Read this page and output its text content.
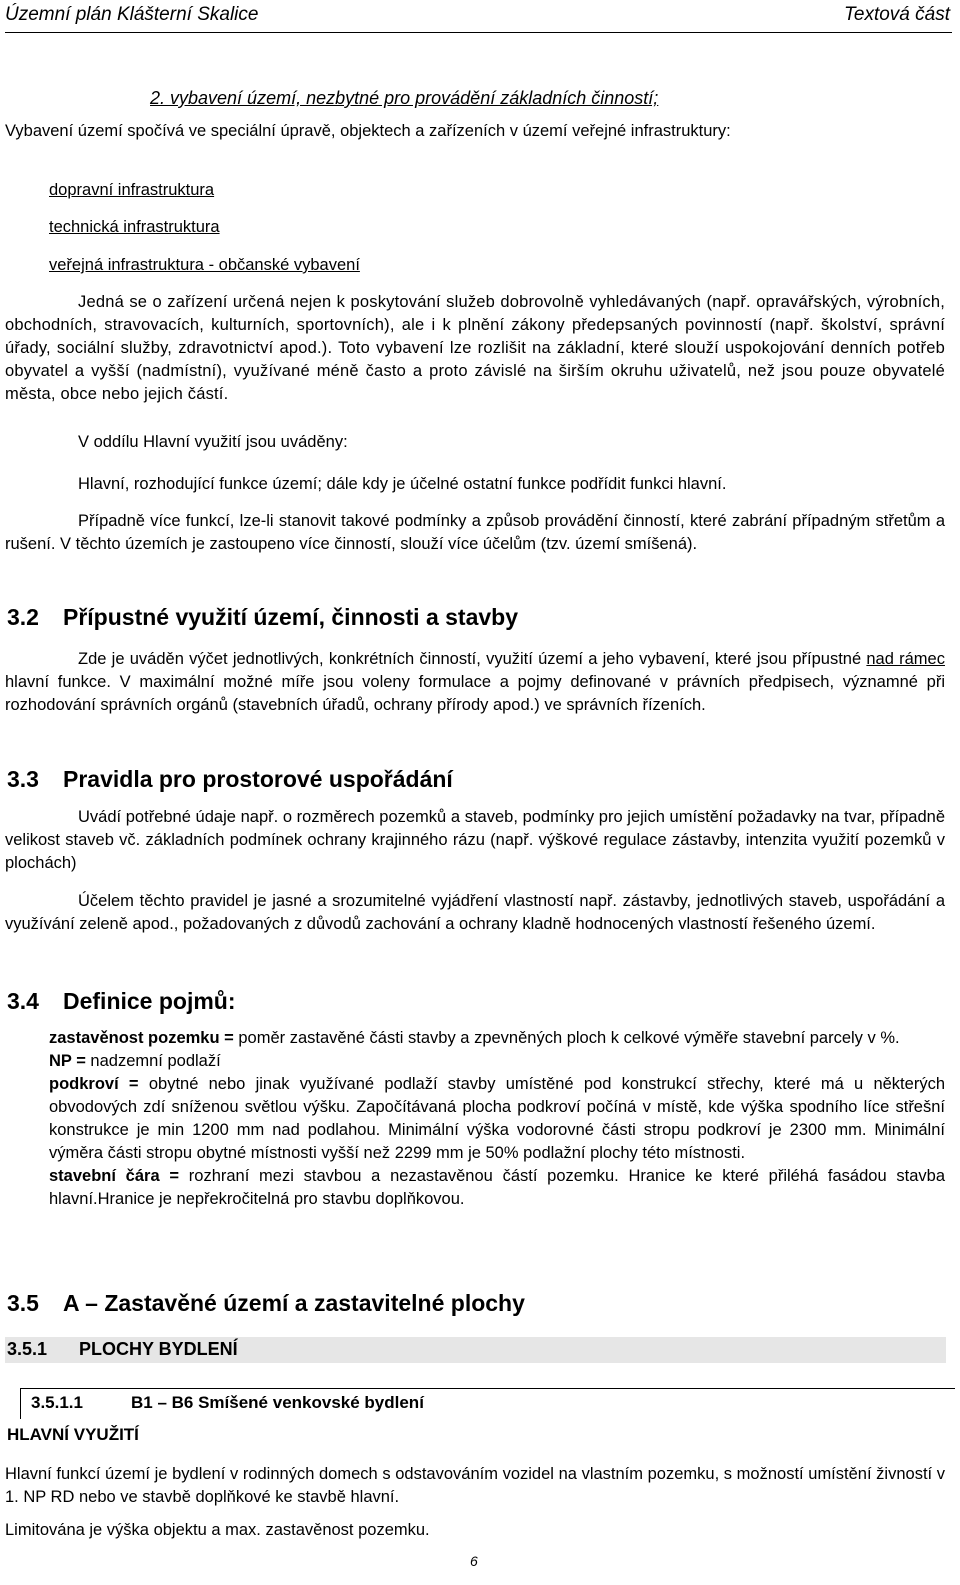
Územní plán Klášterní Skalice	Textová část
2. vybavení území, nezbytné pro provádění základních činností;

Vybavení území spočívá ve speciální úpravě, objektech a zařízeních v území veřejné infrastruktury:

dopravní infrastruktura
technická infrastruktura
veřejná infrastruktura - občanské vybavení

Jedná se o zařízení určená nejen k poskytování služeb dobrovolně vyhledávaných (např. opravářských, výrobních, obchodních, stravovacích, kulturních, sportovních), ale i k plnění zákony předepsaných povinností (např. školství, správní úřady, sociální služby, zdravotnictví apod.). Toto vybavení lze rozlišit na základní, které slouží uspokojování denních potřeb obyvatel a vyšší (nadmístní), využívané méně často a proto závislé na širším okruhu uživatelů, než jsou pouze obyvatelé města, obce nebo jejich částí.

V oddílu Hlavní využití jsou uváděny:

Hlavní, rozhodující funkce území; dále kdy je účelné ostatní funkce podřídit funkci hlavní.

Případně více funkcí, lze-li stanovit takové podmínky a způsob provádění činností, které zabrání případným střetům a rušení. V těchto územích je zastoupeno více činností, slouží více účelům (tzv. území smíšená).

3.2 Přípustné využití území, činnosti a stavby

Zde je uváděn výčet jednotlivých, konkrétních činností, využití území a jeho vybavení, které jsou přípustné nad rámec hlavní funkce. V maximální možné míře jsou voleny formulace a pojmy definované v právních předpisech, významné při rozhodování správních orgánů (stavebních úřadů, ochrany přírody apod.) ve správních řízeních.

3.3 Pravidla pro prostorové uspořádání

Uvádí potřebné údaje např. o rozměrech pozemků a staveb, podmínky pro jejich umístění požadavky na tvar, případně velikost staveb vč. základních podmínek ochrany krajinného rázu (např. výškové regulace zástavby, intenzita využití pozemků v plochách)

Účelem těchto pravidel je jasné a srozumitelné vyjádření vlastností např. zástavby, jednotlivých staveb, uspořádání a využívání zeleně apod., požadovaných z důvodů zachování a ochrany kladně hodnocených vlastností řešeného území.

3.4 Definice pojmů:

zastavěnost pozemku = poměr zastavěné části stavby a zpevněných ploch k celkové výměře stavební parcely v %.

NP = nadzemní podlaží

podkroví = obytné nebo jinak využívané podlaží stavby umístěné pod konstrukcí střechy, které má u některých obvodových zdí sníženou světlou výšku. Započítávaná plocha podkroví počíná v místě, kde výška spodního líce střešní konstrukce je min 1200 mm nad podlahou. Minimální výška vodorovné části stropu podkroví je 2300 mm. Minimální výměra části stropu obytné místnosti vyšší než 2299 mm je 50% podlažní plochy této místnosti.

stavební čára = rozhraní mezi stavbou a nezastavěnou částí pozemku. Hranice ke které přiléhá fasádou stavba hlavní.Hranice je nepřekročitelná pro stavbu doplňkovou.

3.5 A – Zastavěné území a zastavitelné plochy
3.5.1 PLOCHY BYDLENÍ
3.5.1.1	B1 – B6 Smíšené venkovské bydlení
HLAVNÍ VYUŽITÍ

Hlavní funkcí území je bydlení v rodinných domech s odstavováním vozidel na vlastním pozemku, s možností umístění živností v 1. NP RD nebo ve stavbě doplňkové ke stavbě hlavní.

Limitována je výška objektu a max. zastavěnost pozemku.

6
